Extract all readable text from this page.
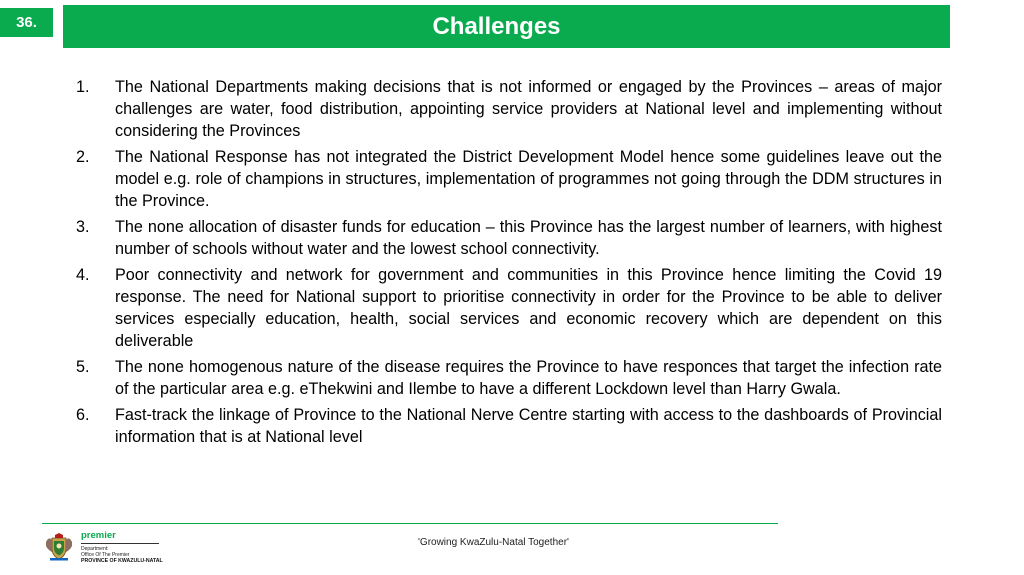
36.	Challenges
1.	The National Departments making decisions that is not informed or engaged by the Provinces – areas of major challenges are water, food distribution, appointing service providers at National level and implementing without considering the Provinces
2.	The National Response has not integrated the District Development Model hence some guidelines leave out the model e.g. role of champions in structures, implementation of programmes not going through the DDM structures in the Province.
3.	The none allocation of disaster funds for education – this Province has the largest number of learners, with highest number of schools without water and the lowest school connectivity.
4.	Poor connectivity and network for government and communities in this Province hence limiting the Covid 19 response. The need for National support to prioritise connectivity in order for the Province to be able to deliver services especially education, health, social services and economic recovery which are dependent on this deliverable
5.	The none homogenous nature of the disease requires the Province to have responces that target the infection rate of the particular area e.g. eThekwini and Ilembe to have a different Lockdown level than Harry Gwala.
6.	Fast-track the linkage of Province to the National Nerve Centre starting with access to the dashboards of Provincial information that is at National level
premier
Department:
Office Of The Premier
PROVINCE OF KWAZULU-NATAL
'Growing KwaZulu-Natal Together'
